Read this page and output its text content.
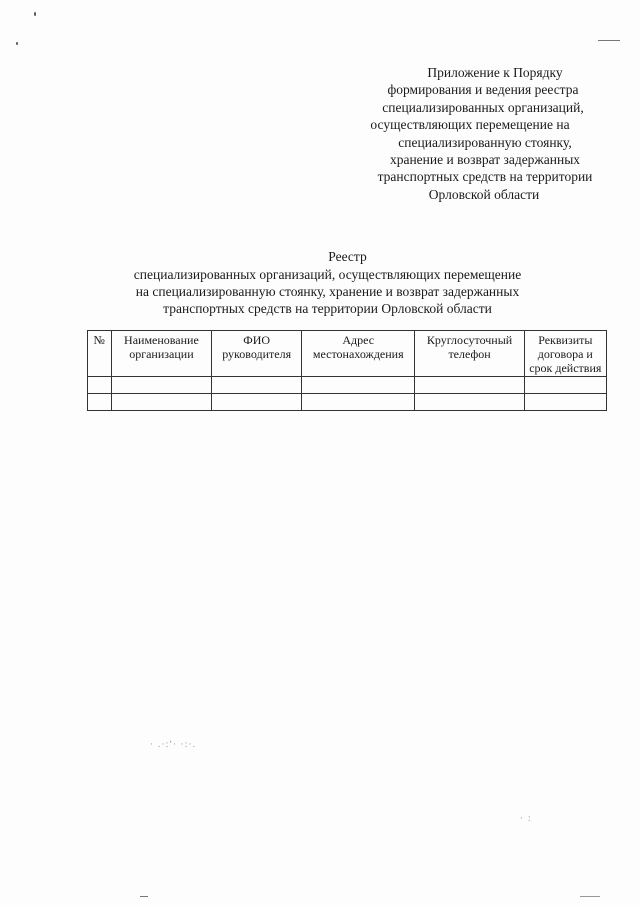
· .·:'· ·:·.
· :
Приложение к Порядку
формирования и ведения реестра
специализированных организаций,
осуществляющих перемещение на
специализированную стоянку,
хранение и возврат задержанных
транспортных средств на территории
Орловской области
Реестр
специализированных организаций, осуществляющих перемещение
на специализированную стоянку, хранение и возврат задержанных
транспортных средств на территории Орловской области
№	Наименование организации	ФИО руководителя	Адрес местонахождения	Круглосуточный телефон	Реквизиты договора и срок действия
